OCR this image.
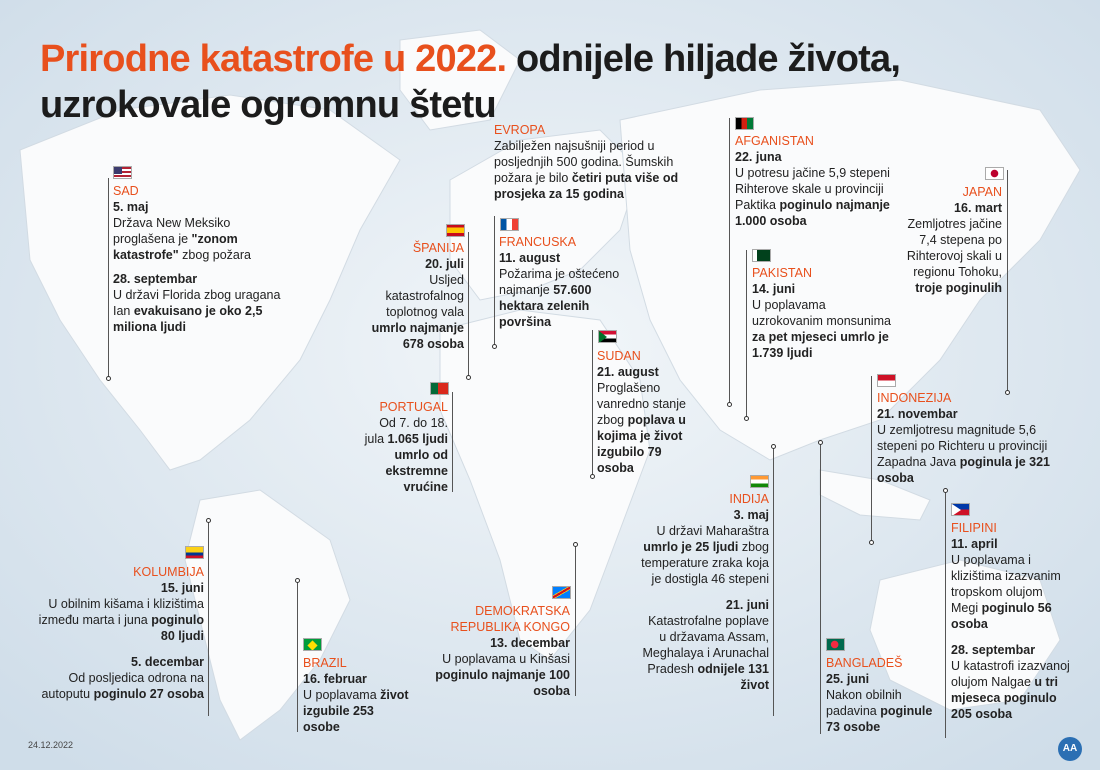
Prirodne katastrofe u 2022. odnijele hiljade života,
uzrokovale ogromnu štetu
SAD
5. maj
Država New Meksiko proglašena je "zonom katastrofe" zbog požara
28. septembar
U državi Florida zbog uragana Ian evakuisano je oko 2,5 miliona ljudi
EVROPA
Zabilježen najsušniji period u posljednjih 500 godina. Šumskih požara je bilo četiri puta više od prosjeka za 15 godina
ŠPANIJA
20. juli
Usljed katastrofalnog toplotnog vala umrlo najmanje 678 osoba
FRANCUSKA
11. august
Požarima je oštećeno najmanje 57.600 hektara zelenih površina
PORTUGAL
Od 7. do 18. jula 1.065 ljudi umrlo od ekstremne vrućine
SUDAN
21. august
Proglašeno vanredno stanje zbog poplava u kojima je život izgubilo 79 osoba
AFGANISTAN
22. juna
U potresu jačine 5,9 stepeni Rihterove skale u provinciji Paktika poginulo najmanje 1.000 osoba
PAKISTAN
14. juni
U poplavama uzrokovanim monsunima za pet mjeseci umrlo je 1.739 ljudi
JAPAN
16. mart
Zemljotres jačine 7,4 stepena po Rihterovoj skali u regionu Tohoku, troje poginulih
INDONEZIJA
21. novembar
U zemljotresu magnitude 5,6 stepeni po Richteru u provinciji Zapadna Java poginula je 321 osoba
KOLUMBIJA
15. juni
U obilnim kišama i klizištima između marta i juna poginulo 80 ljudi
5. decembar
Od posljedica odrona na autoputu poginulo 27 osoba
BRAZIL
16. februar
U poplavama život izgubile 253 osobe
DEMOKRATSKA
REPUBLIKA KONGO
13. decembar
U poplavama u Kinšasi poginulo najmanje 100 osoba
INDIJA
3. maj
U državi Maharaštra umrlo je 25 ljudi zbog temperature zraka koja je dostigla 46 stepeni
21. juni
Katastrofalne poplave u državama Assam, Meghalaya i Arunachal Pradesh odnijele 131 život
BANGLADEŠ
25. juni
Nakon obilnih padavina poginule 73 osobe
FILIPINI
11. april
U poplavama i klizištima izazvanim tropskom olujom Megi poginulo 56 osoba
28. septembar
U katastrofi izazvanoj olujom Nalgae u tri mjeseca poginulo 205 osoba
24.12.2022	AA
